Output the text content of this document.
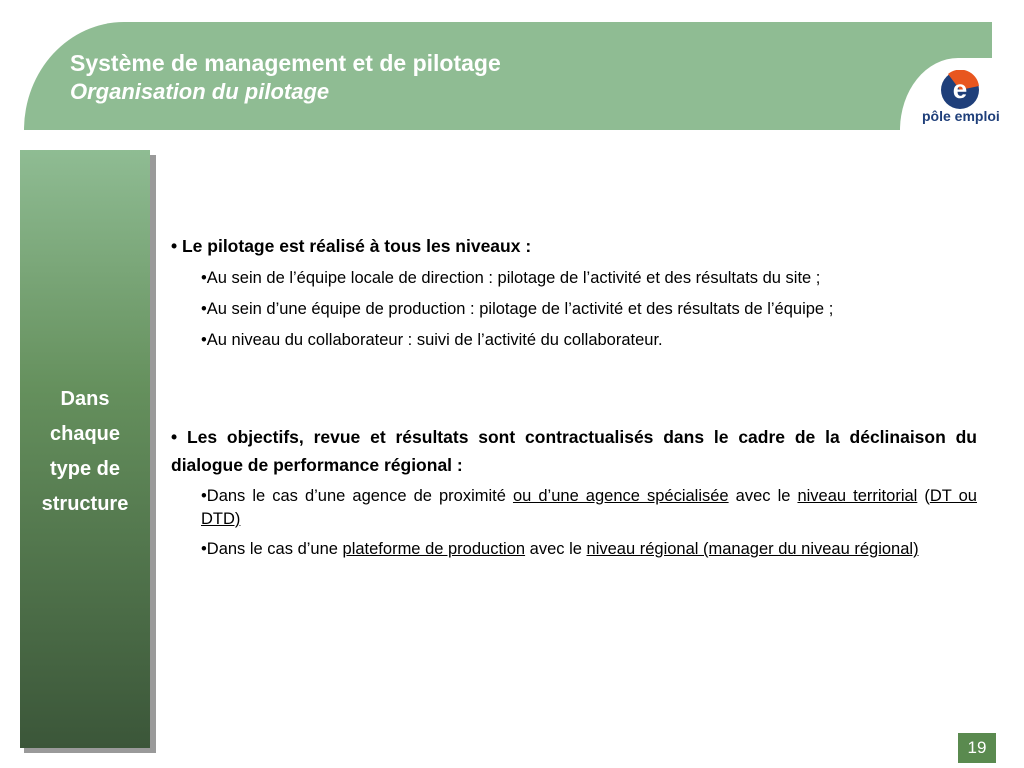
Système de management et de pilotage
Organisation du pilotage	e
pôle emploi
Dans chaque type de structure

• Le pilotage est réalisé à tous les niveaux :

•Au sein de l’équipe locale de direction : pilotage de l’activité et des résultats du site ;

•Au sein d’une équipe de production : pilotage de l’activité et des résultats de l’équipe ;

•Au niveau du collaborateur : suivi de l’activité du collaborateur.

• Les objectifs, revue et résultats sont contractualisés dans le cadre de la déclinaison du dialogue de performance régional :

•Dans le cas d’une agence de proximité ou d’une agence spécialisée avec le niveau territorial (DT ou DTD)

•Dans le cas d’une plateforme de production avec le niveau régional (manager du niveau régional)

19
